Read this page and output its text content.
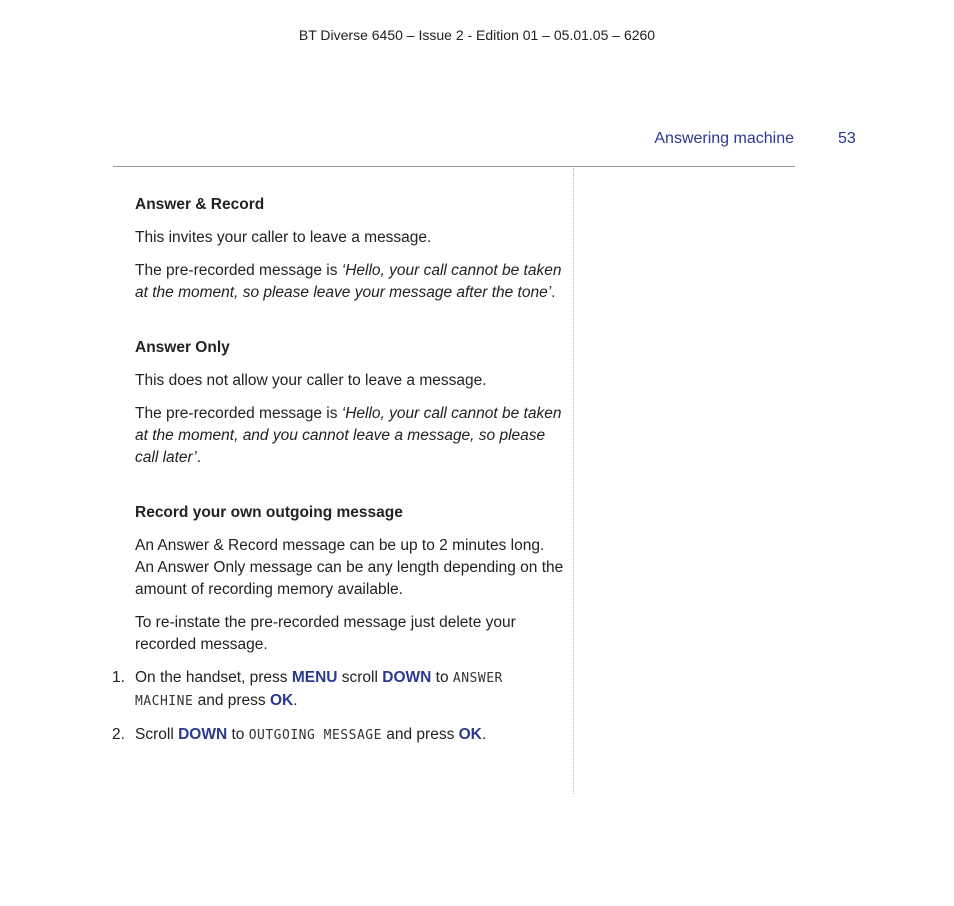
BT Diverse 6450 – Issue 2 - Edition 01 – 05.01.05 – 6260
Answering machine	53
Answer & Record

This invites your caller to leave a message.

The pre-recorded message is ‘Hello, your call cannot be taken at the moment, so please leave your message after the tone’.

Answer Only

This does not allow your caller to leave a message.

The pre-recorded message is ‘Hello, your call cannot be taken at the moment, and you cannot leave a message, so please call later’.

Record your own outgoing message

An Answer & Record message can be up to 2 minutes long. An Answer Only message can be any length depending on the amount of recording memory available.

To re-instate the pre-recorded message just delete your recorded message.

1. On the handset, press MENU scroll DOWN to ANSWER MACHINE and press OK.
2. Scroll DOWN to OUTGOING MESSAGE and press OK.
